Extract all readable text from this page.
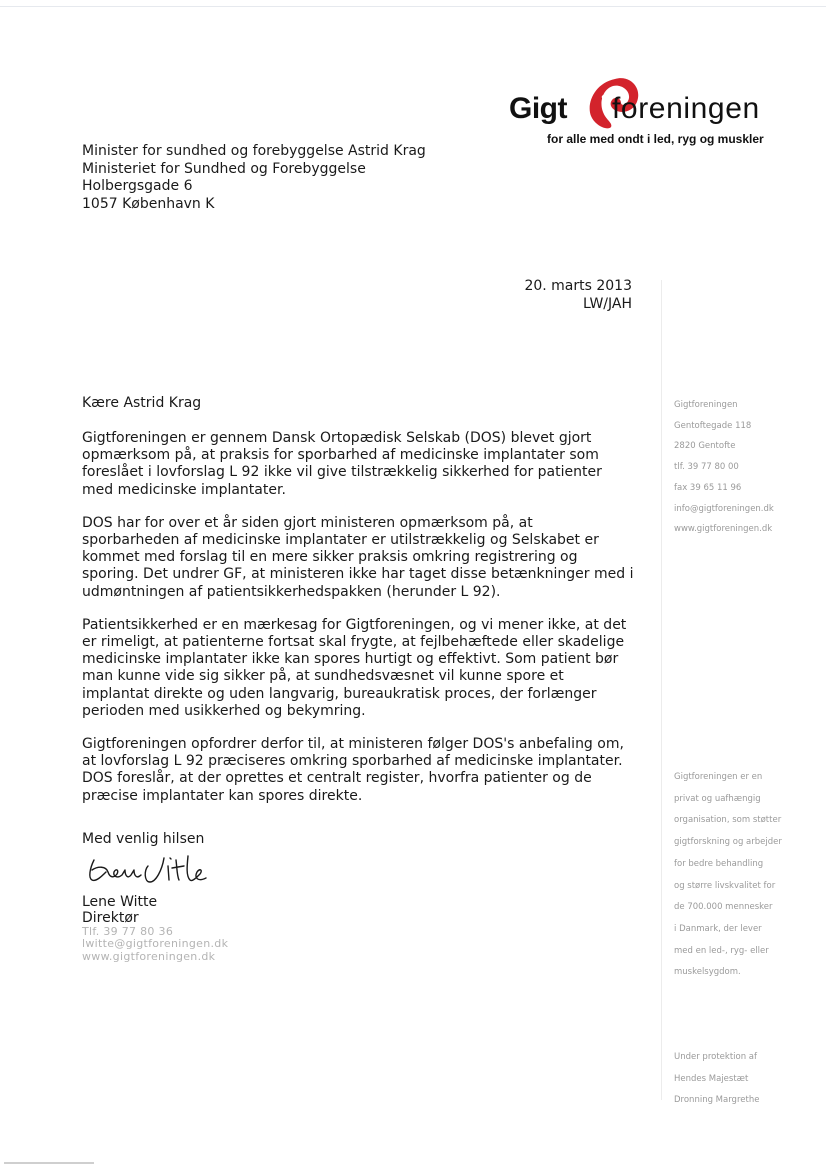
Gigt foreningen
for alle med ondt i led, ryg og muskler
Minister for sundhed og forebyggelse Astrid Krag
Ministeriet for Sundhed og Forebyggelse
Holbergsgade 6
1057 København K
20. marts 2013
LW/JAH
Kære Astrid Krag

Gigtforeningen er gennem Dansk Ortopædisk Selskab (DOS) blevet gjort opmærksom på, at praksis for sporbarhed af medicinske implantater som foreslået i lovforslag L 92 ikke vil give tilstrækkelig sikkerhed for patienter med medicinske implantater.

DOS har for over et år siden gjort ministeren opmærksom på, at sporbarheden af medicinske implantater er utilstrækkelig og Selskabet er kommet med forslag til en mere sikker praksis omkring registrering og sporing. Det undrer GF, at ministeren ikke har taget disse betænkninger med i udmøntningen af patientsikkerhedspakken (herunder L 92).

Patientsikkerhed er en mærkesag for Gigtforeningen, og vi mener ikke, at det er rimeligt, at patienterne fortsat skal frygte, at fejlbehæftede eller skadelige medicinske implantater ikke kan spores hurtigt og effektivt. Som patient bør man kunne vide sig sikker på, at sundhedsvæsnet vil kunne spore et implantat direkte og uden langvarig, bureaukratisk proces, der forlænger perioden med usikkerhed og bekymring.

Gigtforeningen opfordrer derfor til, at ministeren følger DOS's anbefaling om, at lovforslag L 92 præciseres omkring sporbarhed af medicinske implantater. DOS foreslår, at der oprettes et centralt register, hvorfra patienter og de præcise implantater kan spores direkte.

Med venlig hilsen
Lene Witte
Direktør
Tlf. 39 77 80 36
lwitte@gigtforeningen.dk
www.gigtforeningen.dk
Gigtforeningen
Gentoftegade 118
2820 Gentofte
tlf. 39 77 80 00
fax 39 65 11 96
info@gigtforeningen.dk
www.gigtforeningen.dk
Gigtforeningen er en
privat og uafhængig
organisation, som støtter
gigtforskning og arbejder
for bedre behandling
og større livskvalitet for
de 700.000 mennesker
i Danmark, der lever
med en led-, ryg- eller
muskelsygdom.
Under protektion af
Hendes Majestæt
Dronning Margrethe
